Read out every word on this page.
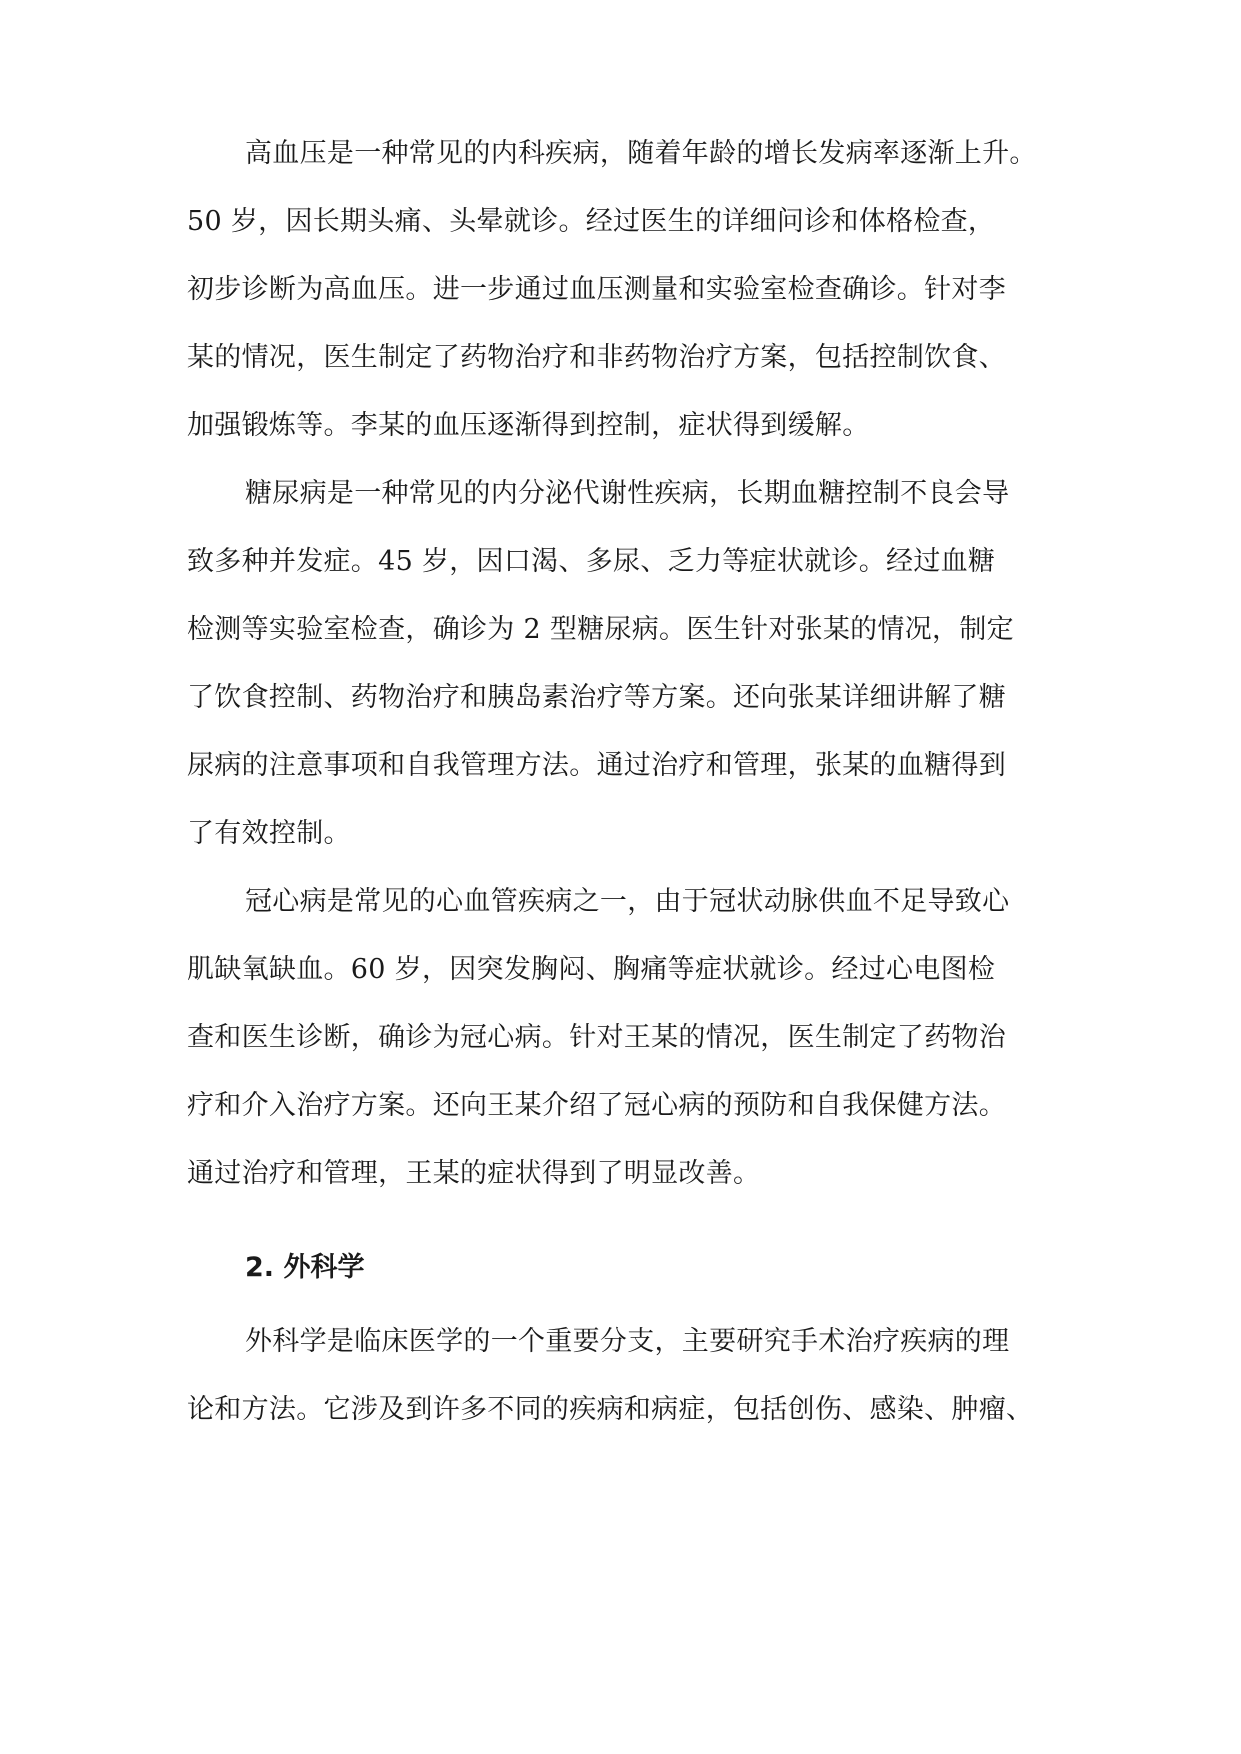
高血压是一种常见的内科疾病，随着年龄的增长发病率逐渐上升。
50 岁，因长期头痛、头晕就诊。经过医生的详细问诊和体格检查，
初步诊断为高血压。进一步通过血压测量和实验室检查确诊。针对李
某的情况，医生制定了药物治疗和非药物治疗方案，包括控制饮食、
加强锻炼等。李某的血压逐渐得到控制，症状得到缓解。
糖尿病是一种常见的内分泌代谢性疾病，长期血糖控制不良会导
致多种并发症。45 岁，因口渴、多尿、乏力等症状就诊。经过血糖
检测等实验室检查，确诊为 2 型糖尿病。医生针对张某的情况，制定
了饮食控制、药物治疗和胰岛素治疗等方案。还向张某详细讲解了糖
尿病的注意事项和自我管理方法。通过治疗和管理，张某的血糖得到
了有效控制。
冠心病是常见的心血管疾病之一，由于冠状动脉供血不足导致心
肌缺氧缺血。60 岁，因突发胸闷、胸痛等症状就诊。经过心电图检
查和医生诊断，确诊为冠心病。针对王某的情况，医生制定了药物治
疗和介入治疗方案。还向王某介绍了冠心病的预防和自我保健方法。
通过治疗和管理，王某的症状得到了明显改善。
2. 外科学
外科学是临床医学的一个重要分支，主要研究手术治疗疾病的理
论和方法。它涉及到许多不同的疾病和病症，包括创伤、感染、肿瘤、
